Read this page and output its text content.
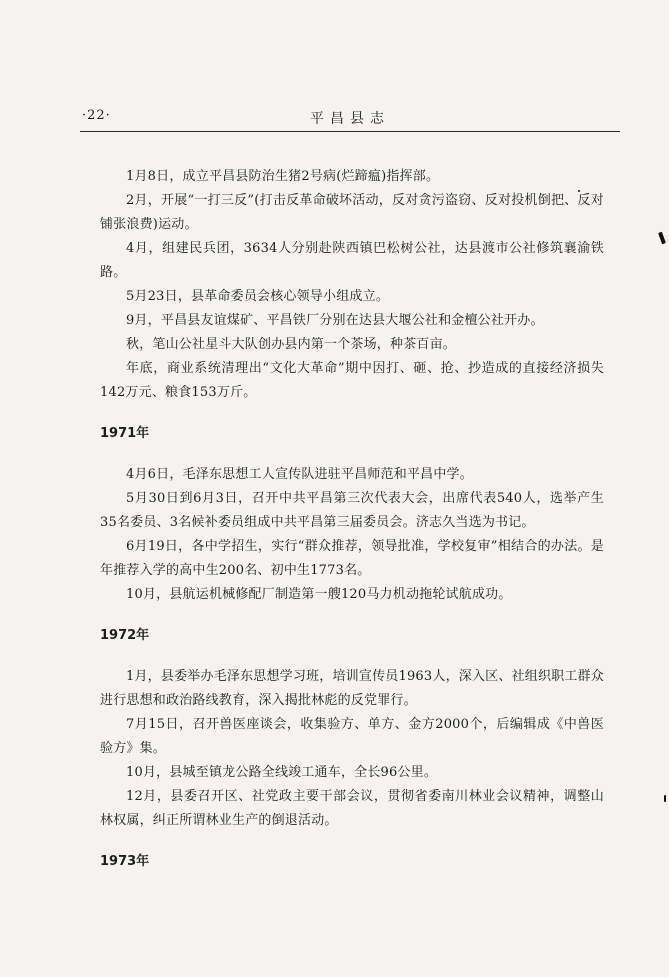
·22·	平昌县志

1月8日，成立平昌县防治生猪2号病(烂蹄瘟)指挥部。

2月，开展“一打三反”(打击反革命破坏活动，反对贪污盗窃、反对投机倒把、反对铺张浪费)运动。

4月，组建民兵团，3634人分别赴陕西镇巴松树公社，达县渡市公社修筑襄渝铁路。

5月23日，县革命委员会核心领导小组成立。

9月，平昌县友谊煤矿、平昌铁厂分别在达县大堰公社和金檀公社开办。

秋，笔山公社星斗大队创办县内第一个茶场，种茶百亩。

年底，商业系统清理出“文化大革命”期中因打、砸、抢、抄造成的直接经济损失142万元、粮食153万斤。

1971年

4月6日，毛泽东思想工人宣传队进驻平昌师范和平昌中学。

5月30日到6月3日，召开中共平昌第三次代表大会，出席代表540人，选举产生35名委员、3名候补委员组成中共平昌第三届委员会。济志久当选为书记。

6月19日，各中学招生，实行“群众推荐，领导批准，学校复审”相结合的办法。是年推荐入学的高中生200名、初中生1773名。

10月，县航运机械修配厂制造第一艘120马力机动拖轮试航成功。

1972年

1月，县委举办毛泽东思想学习班，培训宣传员1963人，深入区、社组织职工群众进行思想和政治路线教育，深入揭批林彪的反党罪行。

7月15日，召开兽医座谈会，收集验方、单方、金方2000个，后编辑成《中兽医验方》集。

10月，县城至镇龙公路全线竣工通车，全长96公里。

12月，县委召开区、社党政主要干部会议，贯彻省委南川林业会议精神，调整山林权属，纠正所谓林业生产的倒退活动。

1973年
